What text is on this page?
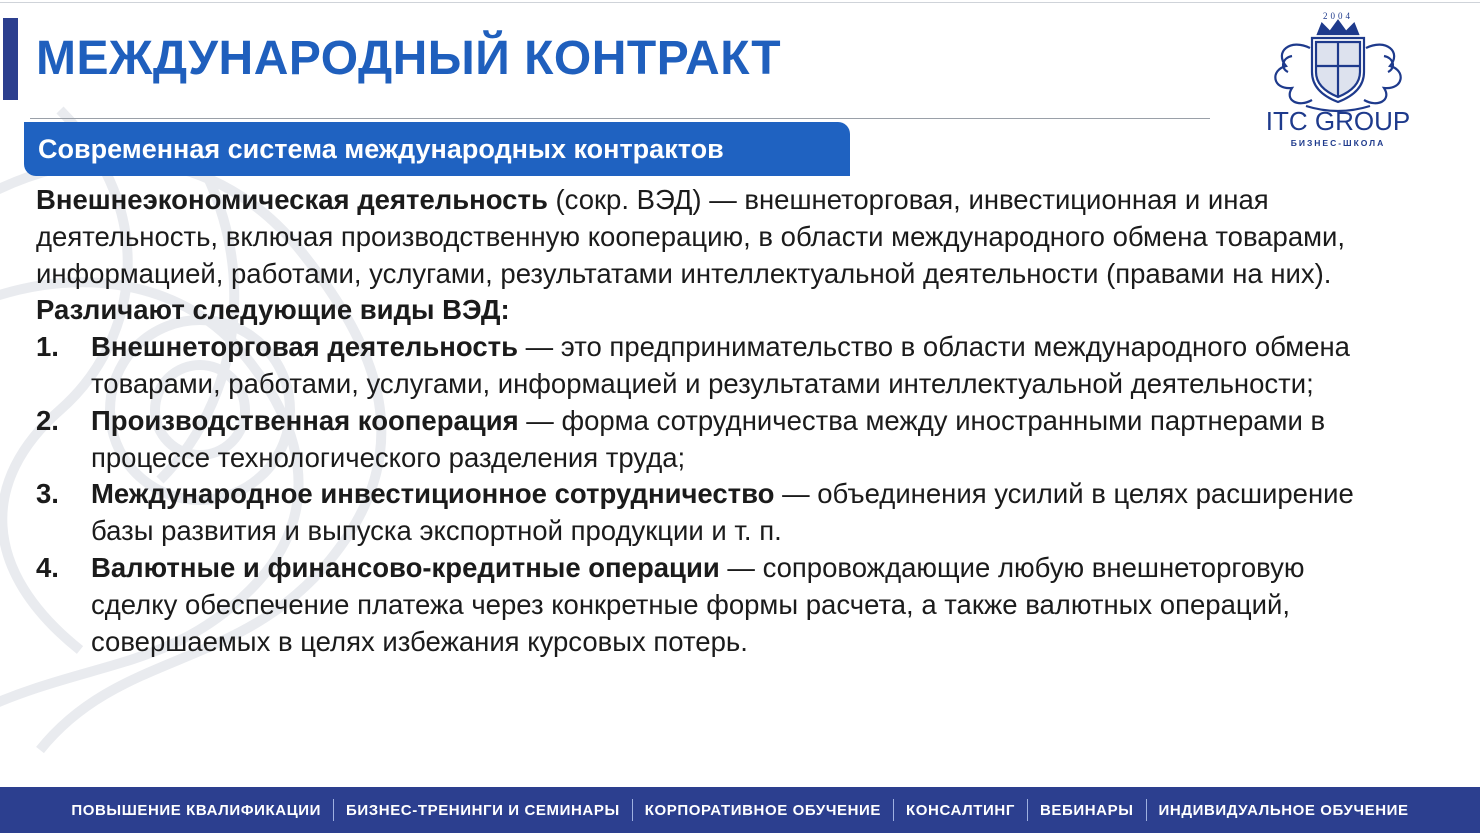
МЕЖДУНАРОДНЫЙ КОНТРАКТ
Современная система международных контрактов
2004
ITC GROUP
БИЗНЕС-ШКОЛА

Внешнеэкономическая деятельность (сокр. ВЭД) — внешнеторговая, инвестиционная и иная деятельность, включая производственную кооперацию, в области международного обмена товарами, информацией, работами, услугами, результатами интеллектуальной деятельности (правами на них).

Различают следующие виды ВЭД:

1. Внешнеторговая деятельность — это предпринимательство в области международного обмена товарами, работами, услугами, информацией и результатами интеллектуальной деятельности;
2. Производственная кооперация — форма сотрудничества между иностранными партнерами в процессе технологического разделения труда;
3. Международное инвестиционное сотрудничество — объединения усилий в целях расширение базы развития и выпуска экспортной продукции и т. п.
4. Валютные и финансово-кредитные операции — сопровождающие любую внешнеторговую сделку обеспечение платежа через конкретные формы расчета, а также валютных операций, совершаемых в целях избежания курсовых потерь.
ПОВЫШЕНИЕ КВАЛИФИКАЦИИ	БИЗНЕС-ТРЕНИНГИ И СЕМИНАРЫ	КОРПОРАТИВНОЕ ОБУЧЕНИЕ	КОНСАЛТИНГ	ВЕБИНАРЫ	ИНДИВИДУАЛЬНОЕ ОБУЧЕНИЕ
